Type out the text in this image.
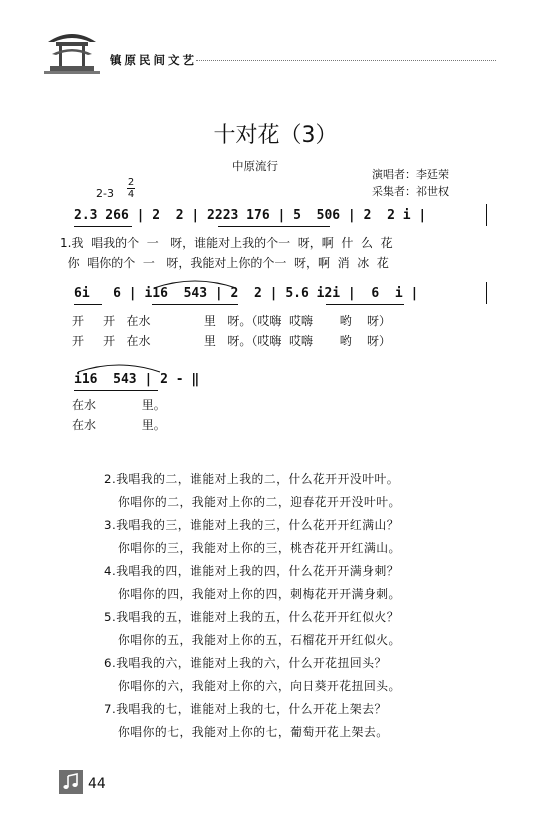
镇原民间文艺
十对花（3）
中原流行
演唱者：李廷荣
采集者：祁世权
2-3
2
4
2.3 266 | 2  2 | 2223 176 | 5  506 | 2  2 i |
1.我  唱我的个  一   呀，谁能对上我的个一  呀，啊  什  么  花
你  唱你的个  一   呀，我能对上你的个一  呀，啊  消  冰  花
6i   6 | i16  543 | 2  2 | 5.6 i2i |  6  i |
开     开   在水              里   呀。（哎嗨  哎嗨       哟    呀）
开     开   在水              里   呀。（哎嗨  哎嗨       哟    呀）
i16  543 | 2 - ‖
在水            里。
在水            里。
2.我唱我的二，谁能对上我的二，什么花开开没叶叶。
你唱你的二，我能对上你的二，迎春花开开没叶叶。
3.我唱我的三，谁能对上我的三，什么花开开红满山？
你唱你的三，我能对上你的三，桃杏花开开红满山。
4.我唱我的四，谁能对上我的四，什么花开开满身刺？
你唱你的四，我能对上你的四，刺梅花开开满身刺。
5.我唱我的五，谁能对上我的五，什么花开开红似火？
你唱你的五，我能对上你的五，石榴花开开红似火。
6.我唱我的六，谁能对上我的六，什么开花扭回头？
你唱你的六，我能对上你的六，向日葵开花扭回头。
7.我唱我的七，谁能对上我的七，什么开花上架去？
你唱你的七，我能对上你的七，葡萄开花上架去。
44
